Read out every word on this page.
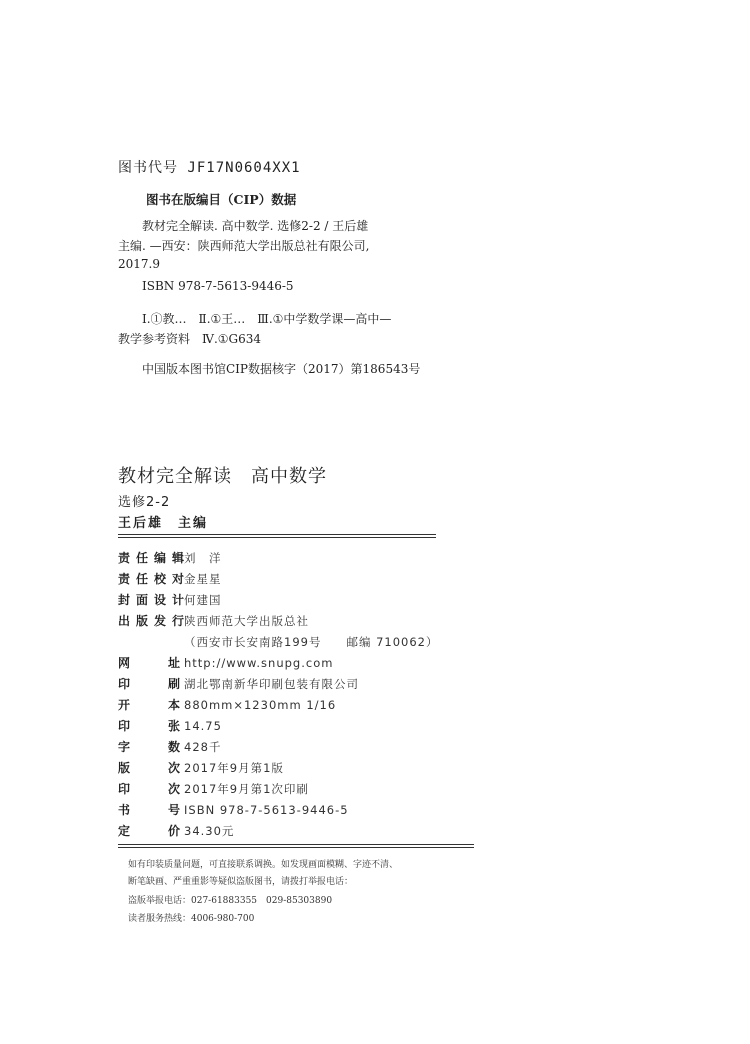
图书代号 JF17N0604XX1
图书在版编目（CIP）数据
　　教材完全解读. 高中数学. 选修2-2 / 王后雄
主编. —西安：陕西师范大学出版总社有限公司,
2017.9
　　ISBN 978-7-5613-9446-5
　　Ⅰ.①教…　Ⅱ.①王…　Ⅲ.①中学数学课—高中—
教学参考资料　Ⅳ.①G634
　　中国版本图书馆CIP数据核字（2017）第186543号
教材完全解读　高中数学
选修2-2
王后雄　主编
责 任 编 辑 刘　洋
责 任 校 对 金星星
封 面 设 计 何建国
出 版 发 行 陕西师范大学出版总社
（西安市长安南路199号　　邮编 710062）
网	址 http://www.snupg.com
印	刷 湖北鄂南新华印刷包装有限公司
开	本 880mm×1230mm 1/16
印	张 14.75
字	数 428千
版	次 2017年9月第1版
印	次 2017年9月第1次印刷
书	号 ISBN 978-7-5613-9446-5
定	价 34.30元
如有印装质量问题，可直接联系调换。如发现画面模糊、字迹不清、
断笔缺画、严重重影等疑似盗版图书，请拨打举报电话：
盗版举报电话：027-61883355　029-85303890
读者服务热线：4006-980-700
